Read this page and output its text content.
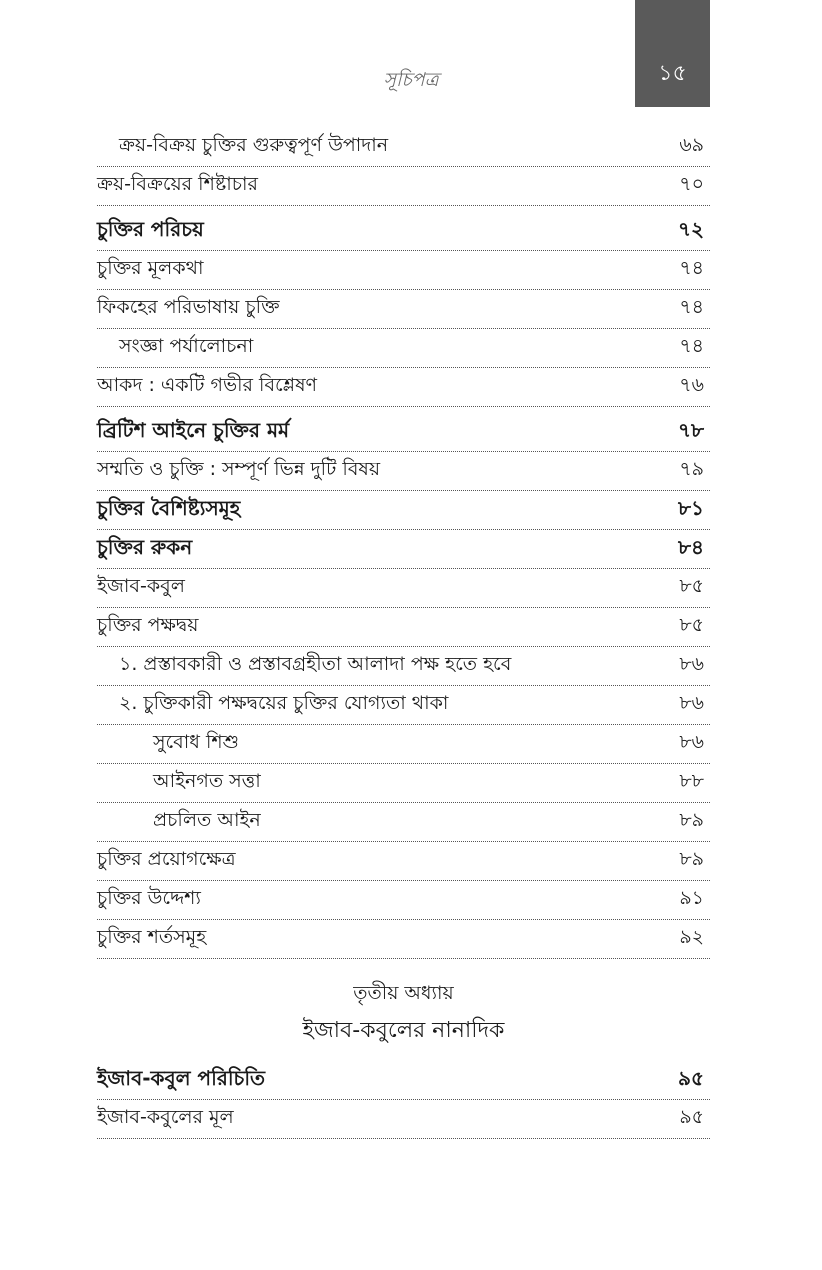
১৫
সূচিপত্র
ক্রয়-বিক্রয় চুক্তির গুরুত্বপূর্ণ উপাদান	৬৯
ক্রয়-বিক্রয়ের শিষ্টাচার	৭০
চুক্তির পরিচয়	৭২
চুক্তির মূলকথা	৭৪
ফিকহের পরিভাষায় চুক্তি	৭৪
সংজ্ঞা পর্যালোচনা	৭৪
আকদ : একটি গভীর বিশ্লেষণ	৭৬
ব্রিটিশ আইনে চুক্তির মর্ম	৭৮
সম্মতি ও চুক্তি : সম্পূর্ণ ভিন্ন দুটি বিষয়	৭৯
চুক্তির বৈশিষ্ট্যসমূহ	৮১
চুক্তির রুকন	৮৪
ইজাব-কবুল	৮৫
চুক্তির পক্ষদ্বয়	৮৫
১. প্রস্তাবকারী ও প্রস্তাবগ্রহীতা আলাদা পক্ষ হতে হবে	৮৬
২. চুক্তিকারী পক্ষদ্বয়ের চুক্তির যোগ্যতা থাকা	৮৬
সুবোধ শিশু	৮৬
আইনগত সত্তা	৮৮
প্রচলিত আইন	৮৯
চুক্তির প্রয়োগক্ষেত্র	৮৯
চুক্তির উদ্দেশ্য	৯১
চুক্তির শর্তসমূহ	৯২
তৃতীয় অধ্যায়
ইজাব-কবুলের নানাদিক
ইজাব-কবুল পরিচিতি	৯৫
ইজাব-কবুলের মূল	৯৫
